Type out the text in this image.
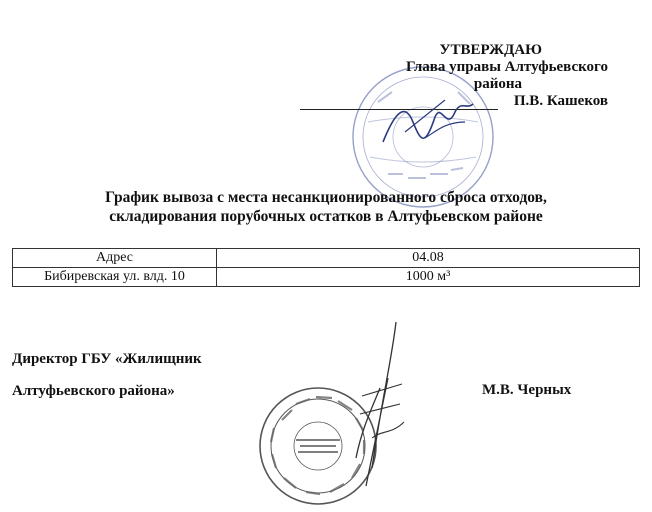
УТВЕРЖДАЮ
Глава управы Алтуфьевского
района
П.В. Кашеков
График вывоза с места несанкционированного сброса отходов,
складирования порубочных остатков в Алтуфьевском районе
Адрес	04.08
Бибиревская ул. влд. 10	1000 м³
Директор ГБУ «Жилищник
Алтуфьевского района»	М.В. Черных
